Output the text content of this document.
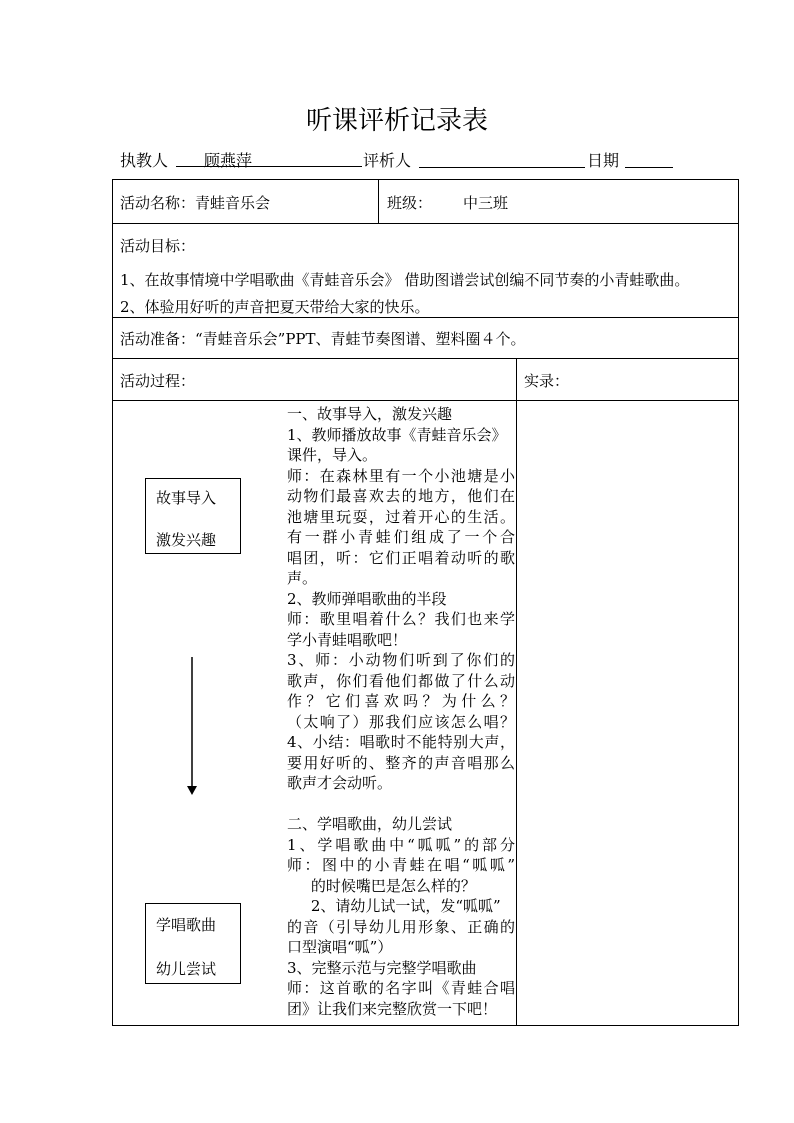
听课评析记录表
执教人	顾燕萍	评析人	日期
活动名称：青蛙音乐会	班级： 中三班
活动目标：
1、在故事情境中学唱歌曲《青蛙音乐会》 借助图谱尝试创编不同节奏的小青蛙歌曲。
2、体验用好听的声音把夏天带给大家的快乐。
活动准备：“青蛙音乐会”PPT、青蛙节奏图谱、塑料圈４个。
活动过程：	实录：
故事导入
激发兴趣
学唱歌曲
幼儿尝试
一、故事导入，激发兴趣
1、教师播放故事《青蛙音乐会》
课件，导入。
师：在森林里有一个小池塘是小
动物们最喜欢去的地方，他们在
池塘里玩耍，过着开心的生活。
有一群小青蛙们组成了一个合
唱团，听：它们正唱着动听的歌
声。
2、教师弹唱歌曲的半段
师：歌里唱着什么？我们也来学
学小青蛙唱歌吧！
3、师：小动物们听到了你们的
歌声，你们看他们都做了什么动
作？它们喜欢吗？为什么？
（太响了）那我们应该怎么唱？
4、小结：唱歌时不能特别大声，
要用好听的、整齐的声音唱那么
歌声才会动听。
二、学唱歌曲，幼儿尝试
1、学唱歌曲中“呱呱”的部分
师：图中的小青蛙在唱“呱呱”
的时候嘴巴是怎么样的？
2、请幼儿试一试，发“呱呱”
的音（引导幼儿用形象、正确的
口型演唱“呱”）
3、完整示范与完整学唱歌曲
师：这首歌的名字叫《青蛙合唱
团》让我们来完整欣赏一下吧！
